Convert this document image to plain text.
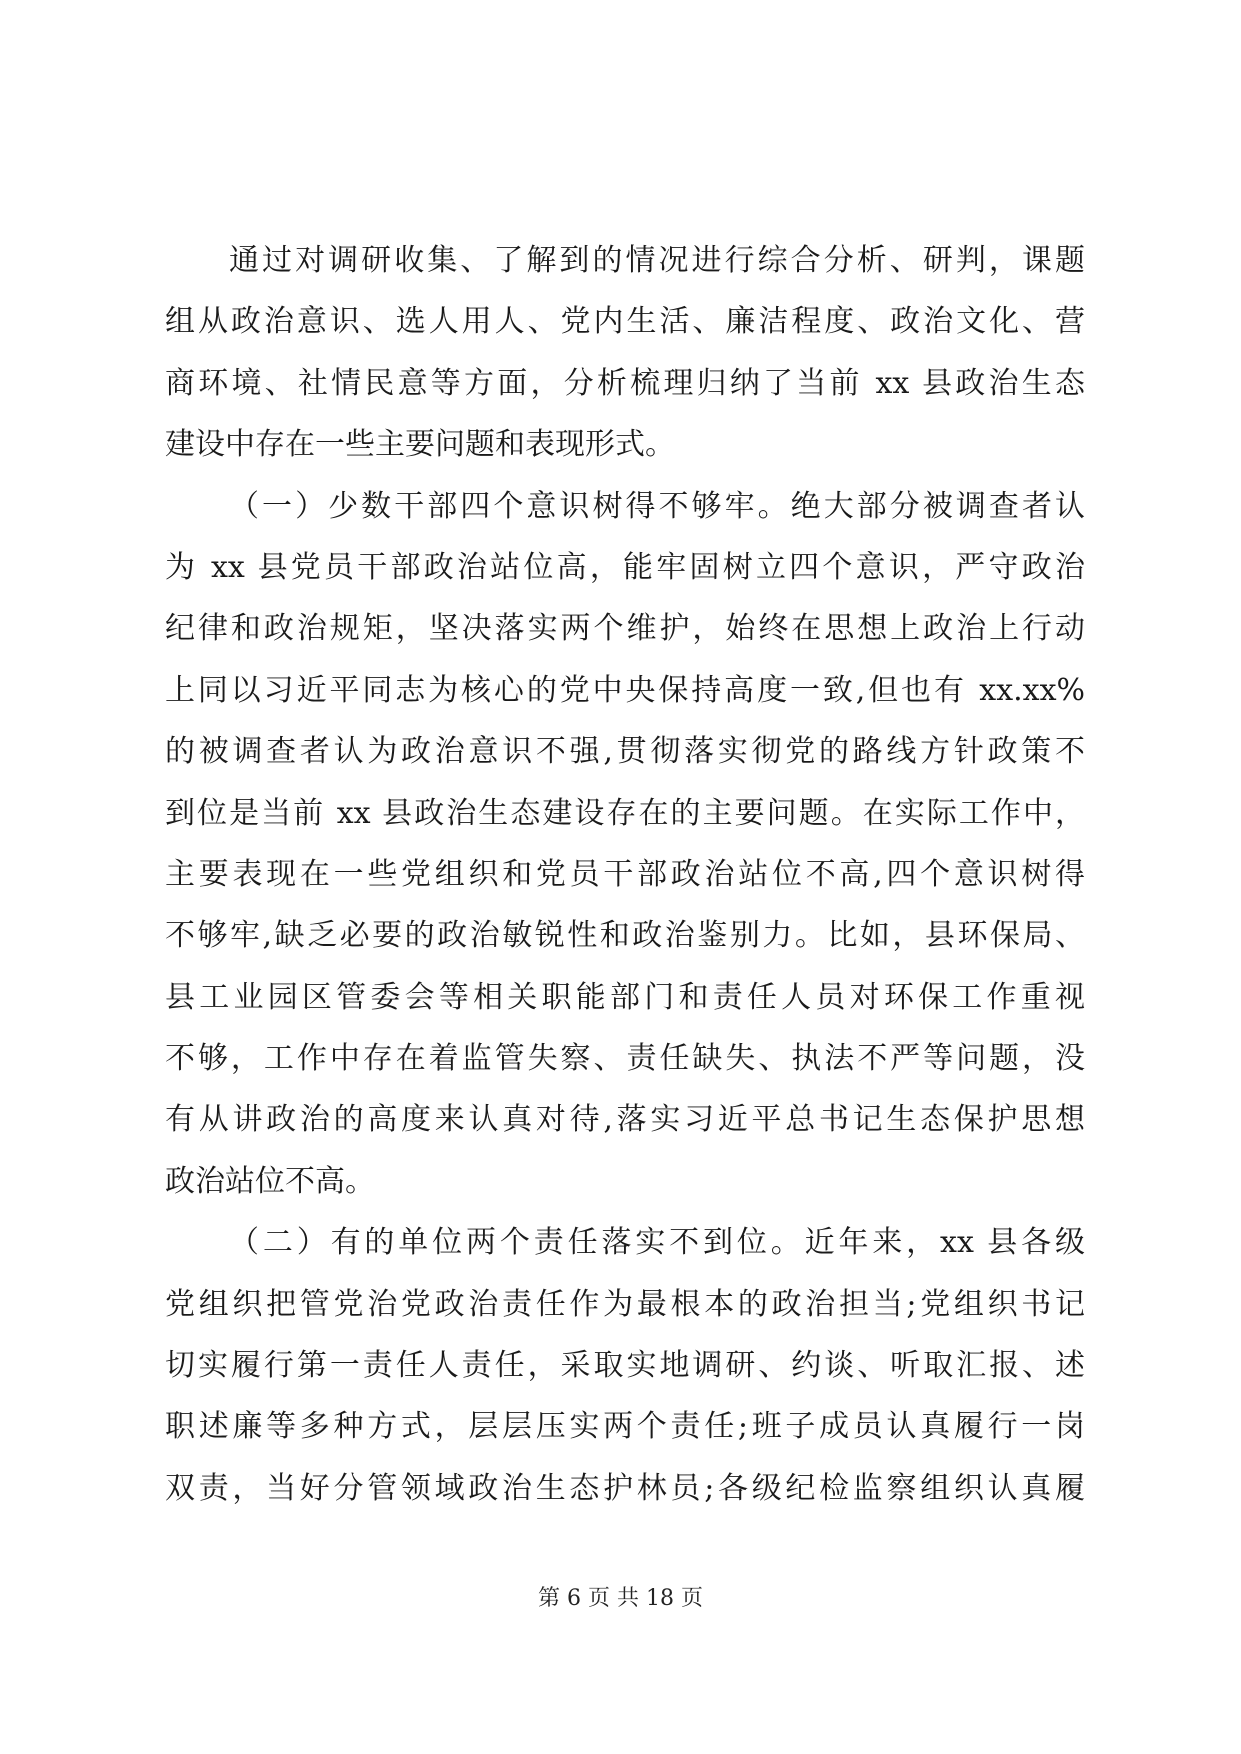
通过对调研收集、了解到的情况进行综合分析、研判，课题
组从政治意识、选人用人、党内生活、廉洁程度、政治文化、营
商环境、社情民意等方面，分析梳理归纳了当前 xx 县政治生态
建设中存在一些主要问题和表现形式。
（一）少数干部四个意识树得不够牢。绝大部分被调查者认
为 xx 县党员干部政治站位高，能牢固树立四个意识，严守政治
纪律和政治规矩，坚决落实两个维护，始终在思想上政治上行动
上同以习近平同志为核心的党中央保持高度一致,但也有 xx.xx%
的被调查者认为政治意识不强,贯彻落实彻党的路线方针政策不
到位是当前 xx 县政治生态建设存在的主要问题。在实际工作中，
主要表现在一些党组织和党员干部政治站位不高,四个意识树得
不够牢,缺乏必要的政治敏锐性和政治鉴别力。比如，县环保局、
县工业园区管委会等相关职能部门和责任人员对环保工作重视
不够，工作中存在着监管失察、责任缺失、执法不严等问题，没
有从讲政治的高度来认真对待,落实习近平总书记生态保护思想
政治站位不高。
（二）有的单位两个责任落实不到位。近年来，xx 县各级
党组织把管党治党政治责任作为最根本的政治担当;党组织书记
切实履行第一责任人责任，采取实地调研、约谈、听取汇报、述
职述廉等多种方式，层层压实两个责任;班子成员认真履行一岗
双责，当好分管领域政治生态护林员;各级纪检监察组织认真履
第 6 页 共 18 页
